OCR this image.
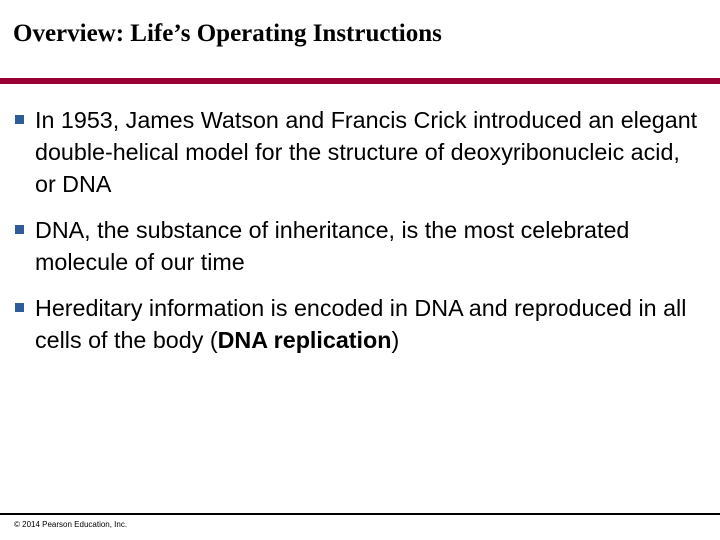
Overview: Life’s Operating Instructions
In 1953, James Watson and Francis Crick introduced an elegant double-helical model for the structure of deoxyribonucleic acid, or DNA
DNA, the substance of inheritance, is the most celebrated molecule of our time
Hereditary information is encoded in DNA and reproduced in all cells of the body (DNA replication)
© 2014 Pearson Education, Inc.
